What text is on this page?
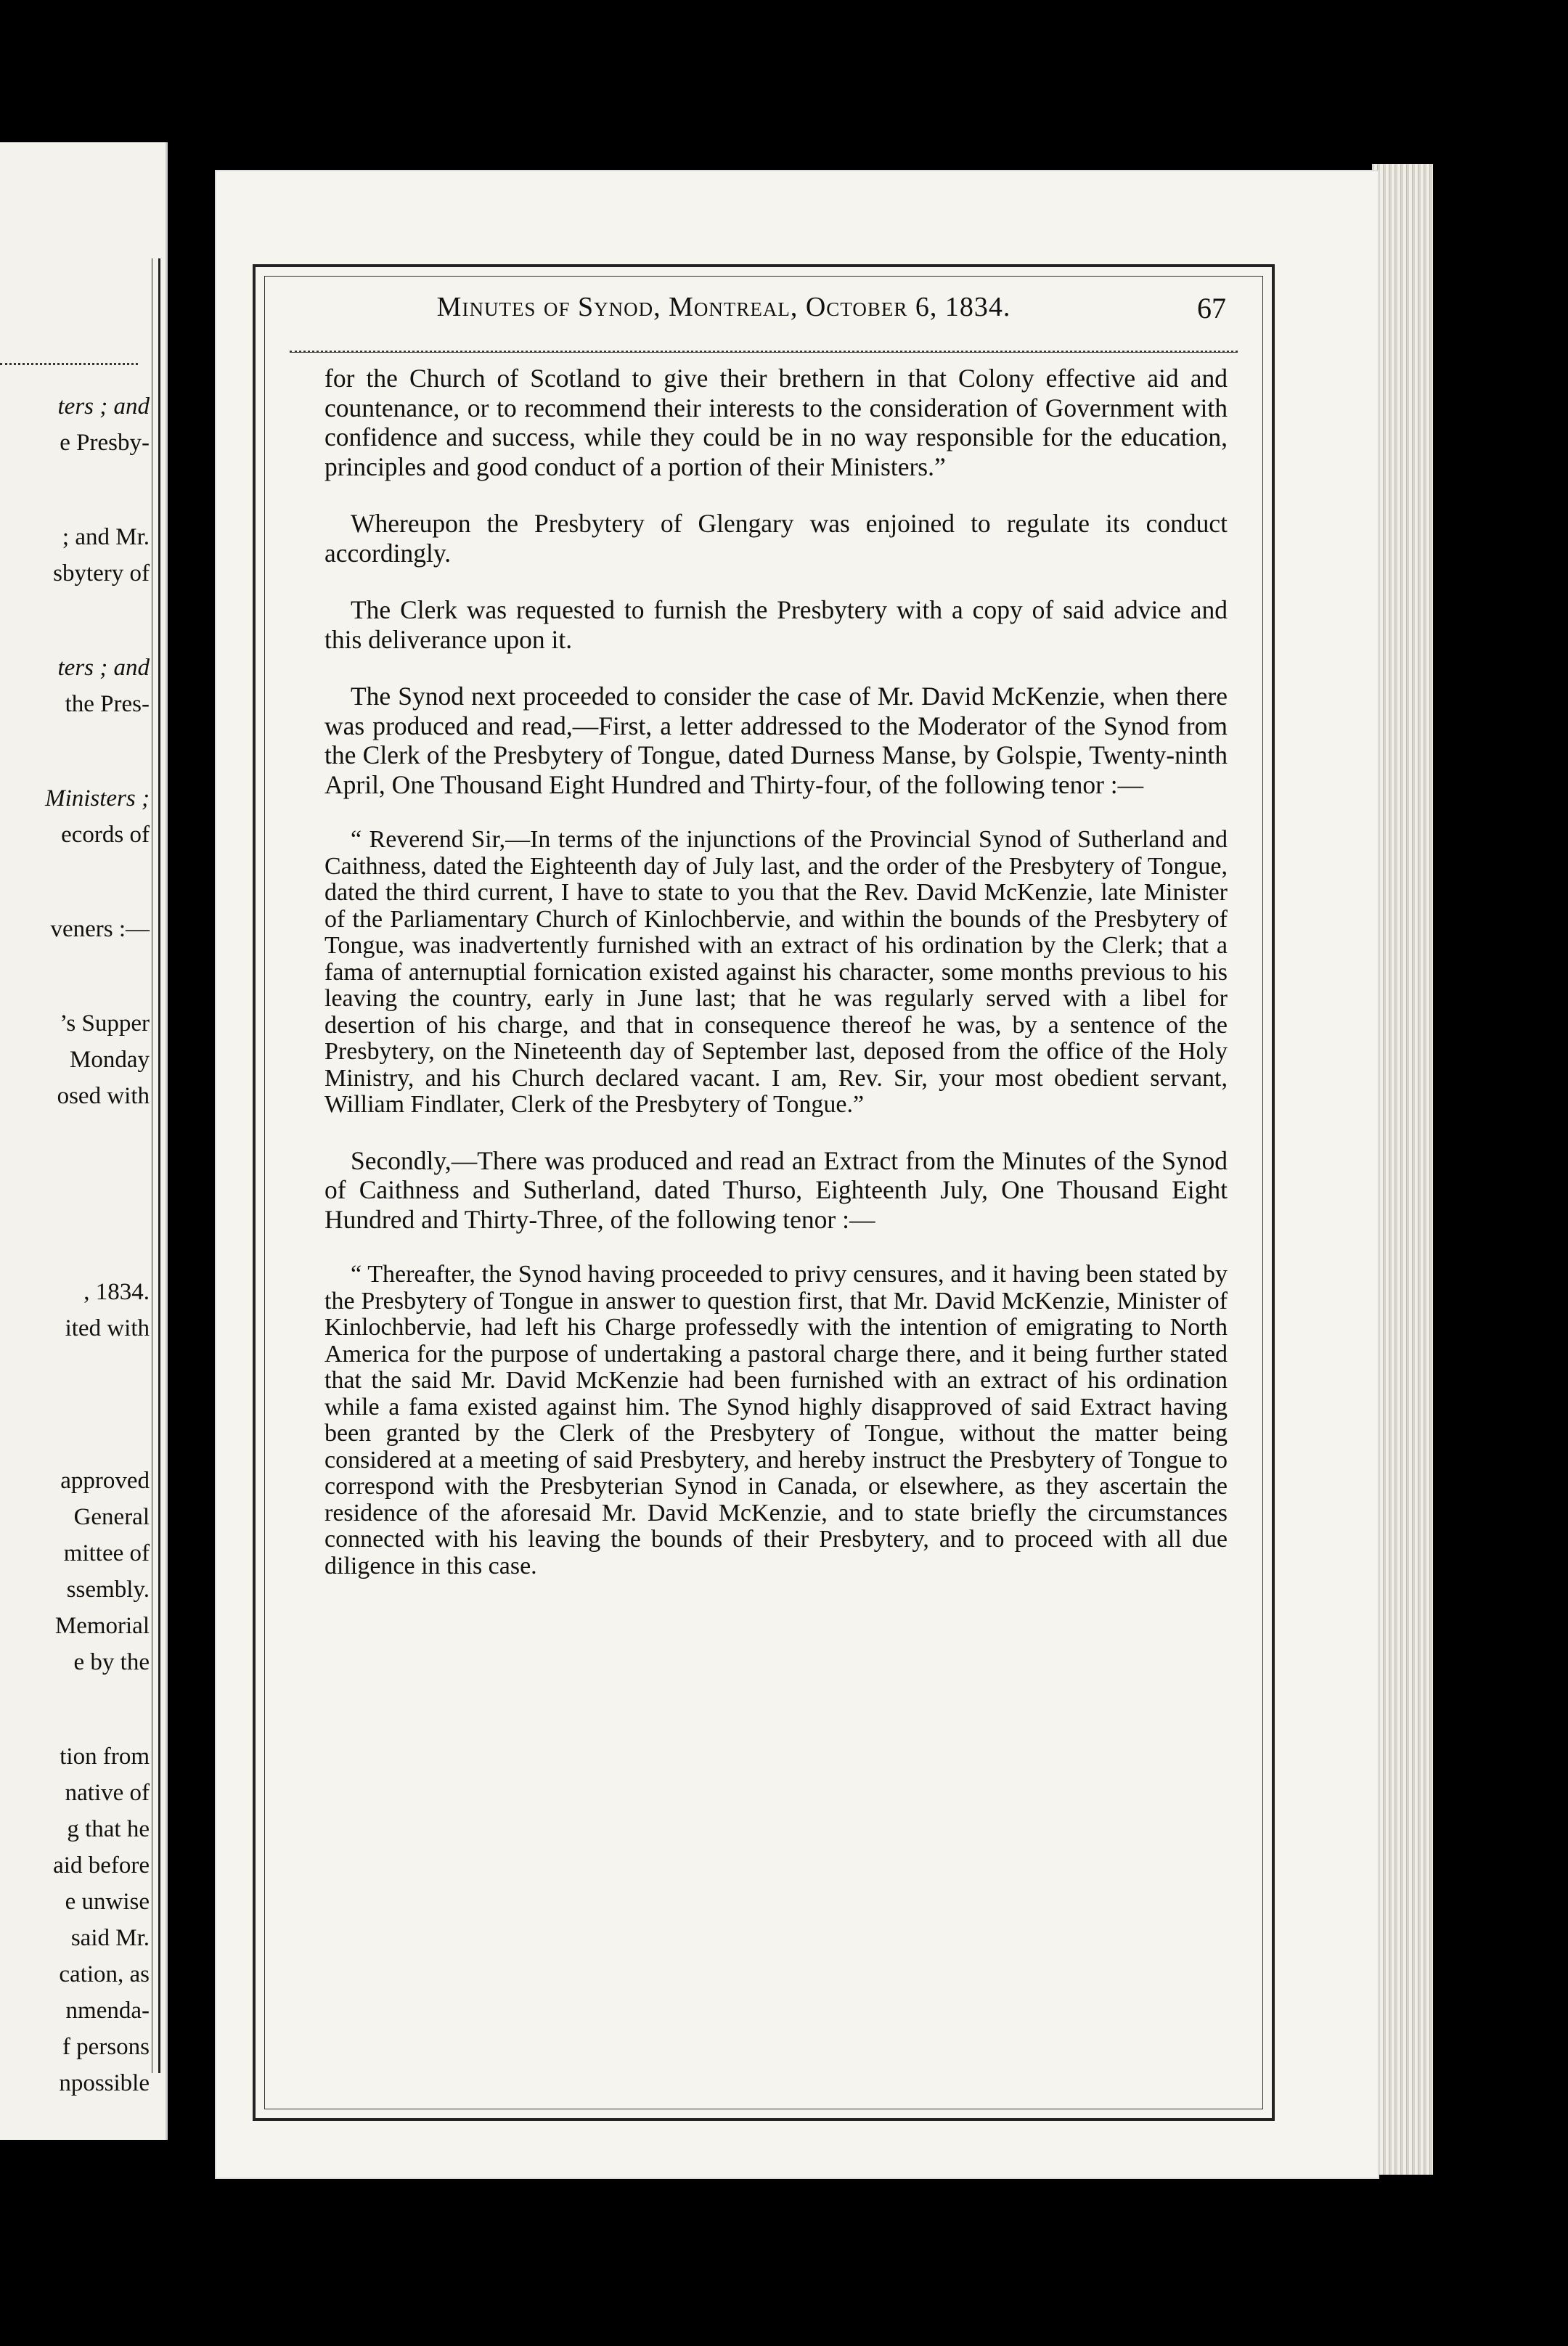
ters ; and
e Presby-
; and Mr.
sbytery of
ters ; and
the Pres-
Ministers ;
ecords of
veners :—
’s Supper
Monday
osed with
, 1834.
ited with
approved
General
mittee of
ssembly.
Memorial
e by the
tion from
native of
g that he
aid before
e unwise
said Mr.
cation, as
nmenda-
f persons
npossible
Minutes of Synod, Montreal, October 6, 1834.	67

for the Church of Scotland to give their brethern in that Colony effective aid and countenance, or to recommend their interests to the consideration of Government with confidence and success, while they could be in no way responsible for the education, principles and good conduct of a portion of their Ministers.”

Whereupon the Presbytery of Glengary was enjoined to regulate its conduct accordingly.

The Clerk was requested to furnish the Presbytery with a copy of said advice and this deliverance upon it.

The Synod next proceeded to consider the case of Mr. David McKenzie, when there was produced and read,—First, a letter addressed to the Moderator of the Synod from the Clerk of the Presbytery of Tongue, dated Durness Manse, by Golspie, Twenty-ninth April, One Thousand Eight Hundred and Thirty-four, of the following tenor :—

“ Reverend Sir,—In terms of the injunctions of the Provincial Synod of Sutherland and Caithness, dated the Eighteenth day of July last, and the order of the Presbytery of Tongue, dated the third current, I have to state to you that the Rev. David McKenzie, late Minister of the Parliamentary Church of Kinlochbervie, and within the bounds of the Presbytery of Tongue, was inadvertently furnished with an extract of his ordination by the Clerk; that a fama of anternuptial fornication existed against his character, some months previous to his leaving the country, early in June last; that he was regularly served with a libel for desertion of his charge, and that in consequence thereof he was, by a sentence of the Presbytery, on the Nineteenth day of September last, deposed from the office of the Holy Ministry, and his Church declared vacant. I am, Rev. Sir, your most obedient servant, William Findlater, Clerk of the Presbytery of Tongue.”

Secondly,—There was produced and read an Extract from the Minutes of the Synod of Caithness and Sutherland, dated Thurso, Eighteenth July, One Thousand Eight Hundred and Thirty-Three, of the following tenor :—

“ Thereafter, the Synod having proceeded to privy censures, and it having been stated by the Presbytery of Tongue in answer to question first, that Mr. David McKenzie, Minister of Kinlochbervie, had left his Charge professedly with the intention of emigrating to North America for the purpose of undertaking a pastoral charge there, and it being further stated that the said Mr. David McKenzie had been furnished with an extract of his ordination while a fama existed against him. The Synod highly disapproved of said Extract having been granted by the Clerk of the Presbytery of Tongue, without the matter being considered at a meeting of said Presbytery, and hereby instruct the Presbytery of Tongue to correspond with the Presbyterian Synod in Canada, or elsewhere, as they ascertain the residence of the aforesaid Mr. David McKenzie, and to state briefly the circumstances connected with his leaving the bounds of their Presbytery, and to proceed with all due diligence in this case.
